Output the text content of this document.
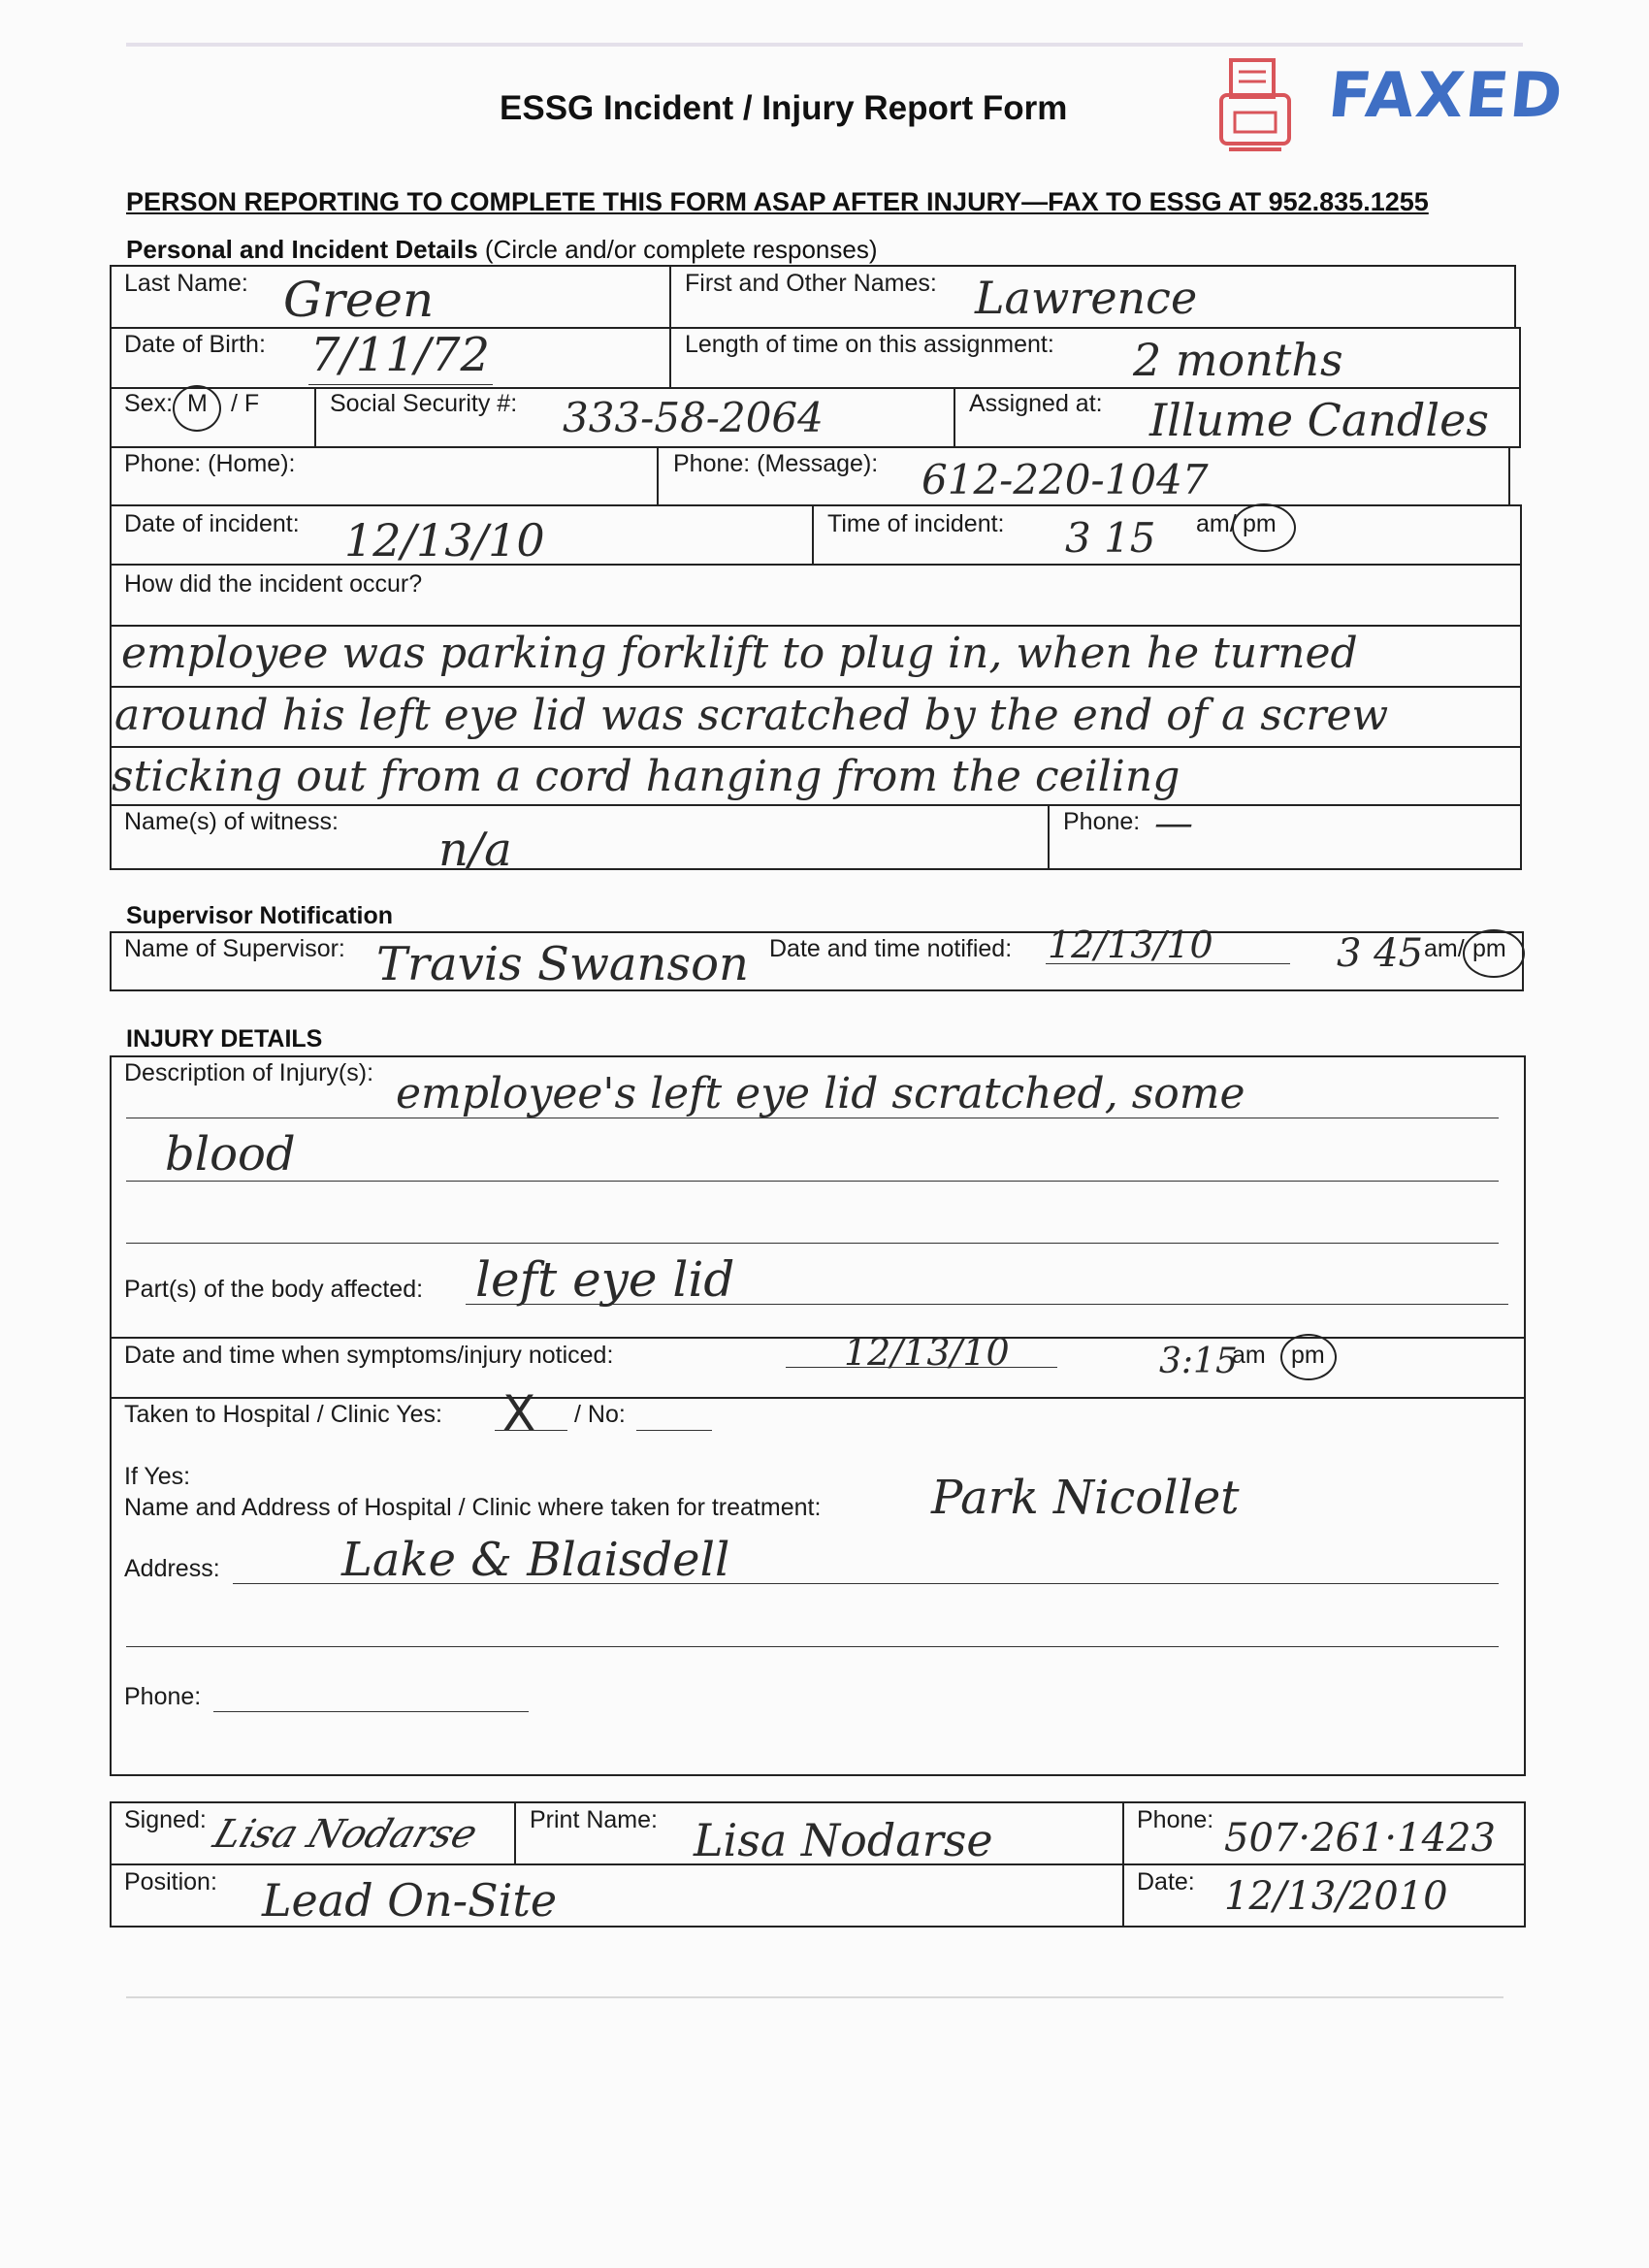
ESSG Incident / Injury Report Form	FAXED
PERSON REPORTING TO COMPLETE THIS FORM ASAP AFTER INJURY—FAX TO ESSG AT 952.835.1255
Personal and Incident Details (Circle and/or complete responses)
Last Name: Green	First and Other Names: Lawrence
Date of Birth: 7/11/72	Length of time on this assignment: 2 months
Sex: M / F	Social Security #: 333-58-2064	Assigned at: Illume Candles
Phone: (Home):	Phone: (Message): 612-220-1047
Date of incident: 12/13/10	Time of incident: 3 15 am/ pm
How did the incident occur?
employee was parking forklift to plug in, when he turned
around his left eye lid was scratched by the end of a screw
sticking out from a cord hanging from the ceiling
Name(s) of witness:
n/a
Phone: —
Supervisor Notification
Name of Supervisor: Travis Swanson Date and time notified: 12/13/10	3 45 am/ pm
INJURY DETAILS
Description of Injury(s): employee's left eye lid scratched, some
blood
Part(s) of the body affected: left eye lid
Date and time when symptoms/injury noticed:	12/13/10	3:15
am pm
Taken to Hospital / Clinic Yes: X / No:
If Yes:
Name and Address of Hospital / Clinic where taken for treatment: Park Nicollet
Address:	Lake & Blaisdell
Phone:
Signed: Lisa Nodarse Print Name: Lisa Nodarse	Phone: 507·261·1423
Position: Lead On-Site	Date: 12/13/2010
